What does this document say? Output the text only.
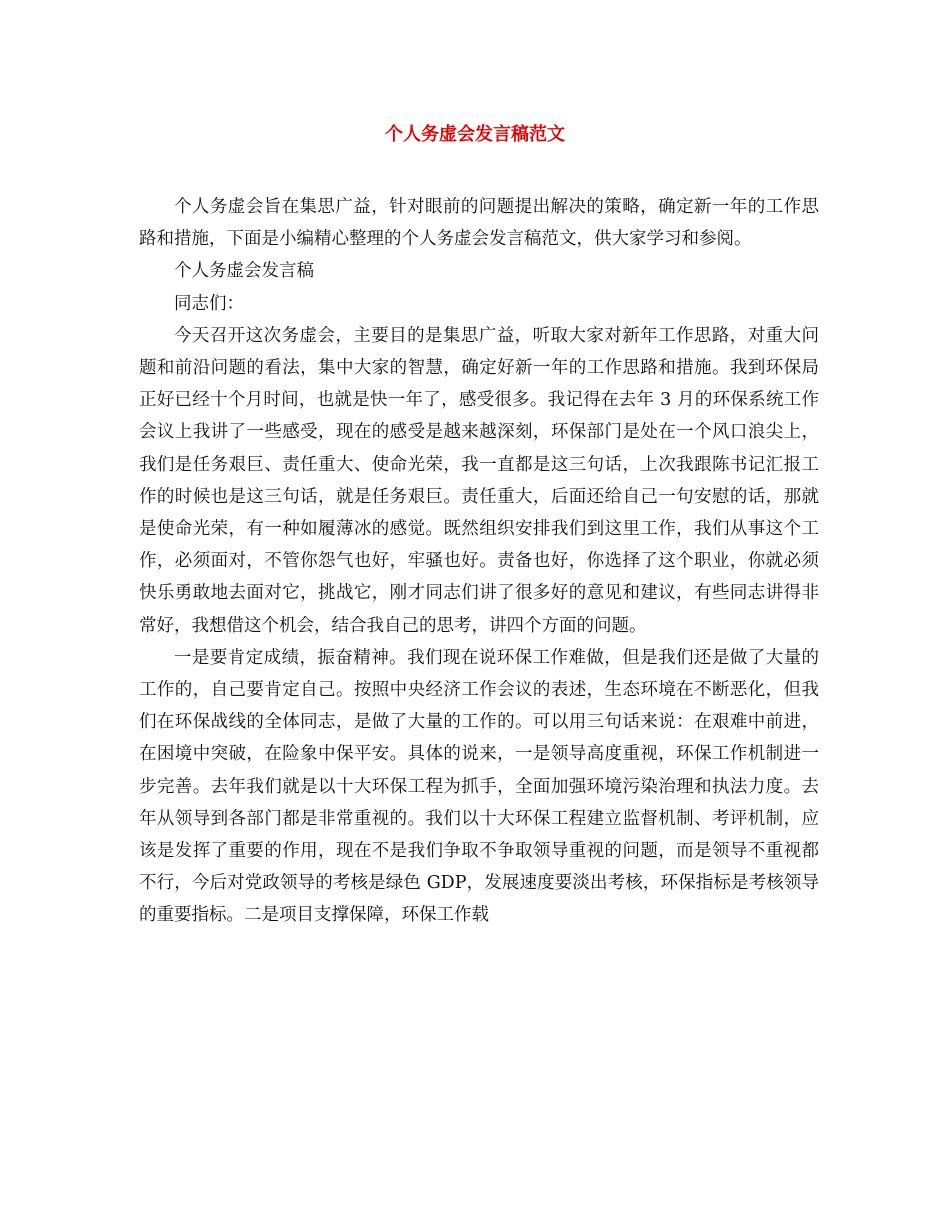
个人务虚会发言稿范文

个人务虚会旨在集思广益，针对眼前的问题提出解决的策略，确定新一年的工作思路和措施，下面是小编精心整理的个人务虚会发言稿范文，供大家学习和参阅。

个人务虚会发言稿

同志们：

今天召开这次务虚会，主要目的是集思广益，听取大家对新年工作思路，对重大问题和前沿问题的看法，集中大家的智慧，确定好新一年的工作思路和措施。我到环保局正好已经十个月时间，也就是快一年了，感受很多。我记得在去年 3 月的环保系统工作会议上我讲了一些感受，现在的感受是越来越深刻，环保部门是处在一个风口浪尖上，我们是任务艰巨、责任重大、使命光荣，我一直都是这三句话，上次我跟陈书记汇报工作的时候也是这三句话，就是任务艰巨。责任重大，后面还给自己一句安慰的话，那就是使命光荣，有一种如履薄冰的感觉。既然组织安排我们到这里工作，我们从事这个工作，必须面对，不管你怨气也好，牢骚也好。责备也好，你选择了这个职业，你就必须快乐勇敢地去面对它，挑战它，刚才同志们讲了很多好的意见和建议，有些同志讲得非常好，我想借这个机会，结合我自己的思考，讲四个方面的问题。

一是要肯定成绩，振奋精神。我们现在说环保工作难做，但是我们还是做了大量的工作的，自己要肯定自己。按照中央经济工作会议的表述，生态环境在不断恶化，但我们在环保战线的全体同志，是做了大量的工作的。可以用三句话来说：在艰难中前进，在困境中突破，在险象中保平安。具体的说来，一是领导高度重视，环保工作机制进一步完善。去年我们就是以十大环保工程为抓手，全面加强环境污染治理和执法力度。去年从领导到各部门都是非常重视的。我们以十大环保工程建立监督机制、考评机制，应该是发挥了重要的作用，现在不是我们争取不争取领导重视的问题，而是领导不重视都不行，今后对党政领导的考核是绿色 GDP，发展速度要淡出考核，环保指标是考核领导的重要指标。二是项目支撑保障，环保工作载
